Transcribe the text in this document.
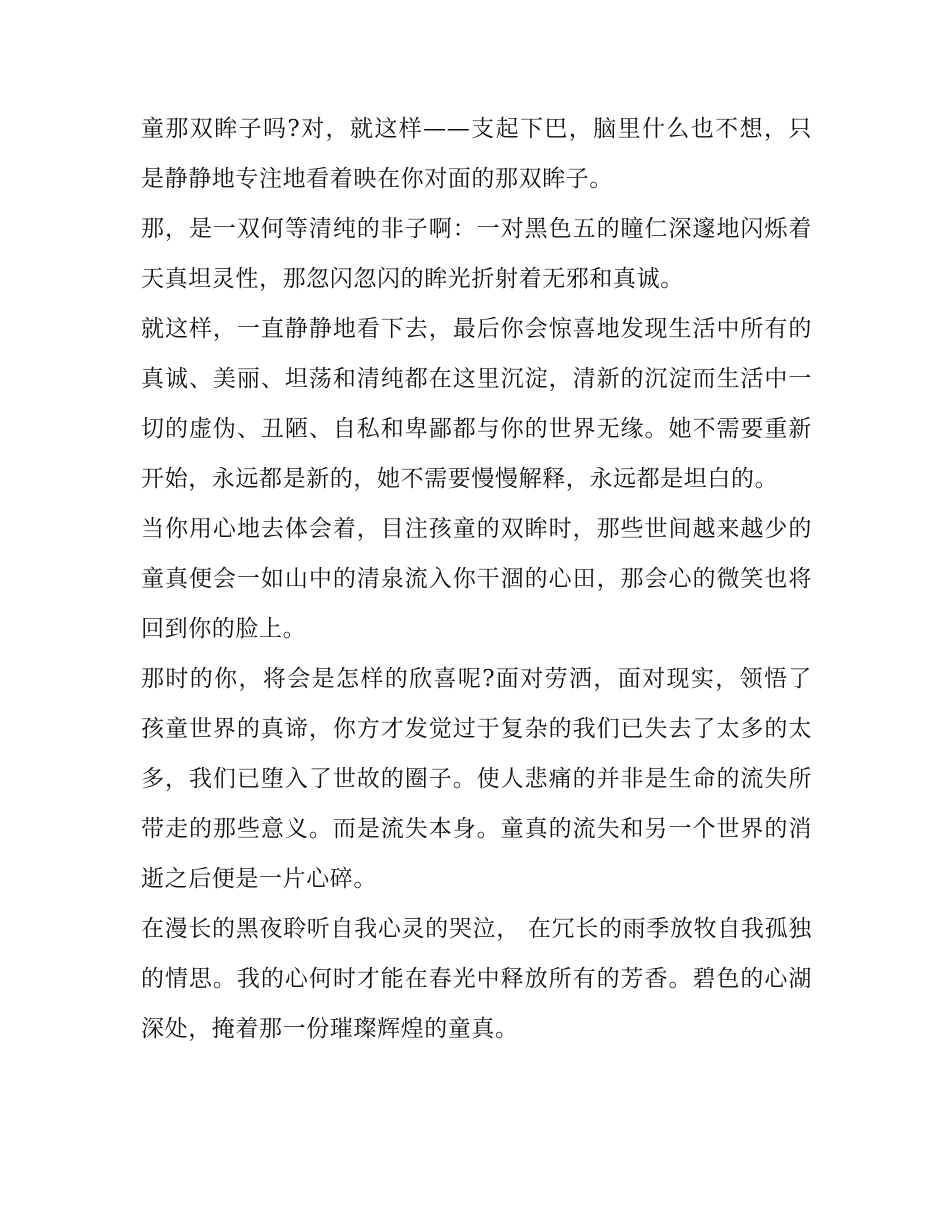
童那双眸子吗?对，就这样——支起下巴，脑里什么也不想，只是静静地专注地看着映在你对面的那双眸子。

那，是一双何等清纯的非子啊：一对黑色五的瞳仁深邃地闪烁着天真坦灵性，那忽闪忽闪的眸光折射着无邪和真诚。

就这样，一直静静地看下去，最后你会惊喜地发现生活中所有的真诚、美丽、坦荡和清纯都在这里沉淀，清新的沉淀而生活中一切的虚伪、丑陋、自私和卑鄙都与你的世界无缘。她不需要重新开始，永远都是新的，她不需要慢慢解释，永远都是坦白的。

当你用心地去体会着，目注孩童的双眸时，那些世间越来越少的童真便会一如山中的清泉流入你干涸的心田，那会心的微笑也将回到你的脸上。

那时的你，将会是怎样的欣喜呢?面对劳洒，面对现实，领悟了孩童世界的真谛，你方才发觉过于复杂的我们已失去了太多的太多，我们已堕入了世故的圈子。使人悲痛的并非是生命的流失所带走的那些意义。而是流失本身。童真的流失和另一个世界的消逝之后便是一片心碎。

在漫长的黑夜聆听自我心灵的哭泣， 在冗长的雨季放牧自我孤独的情思。我的心何时才能在春光中释放所有的芳香。碧色的心湖深处，掩着那一份璀璨辉煌的童真。
